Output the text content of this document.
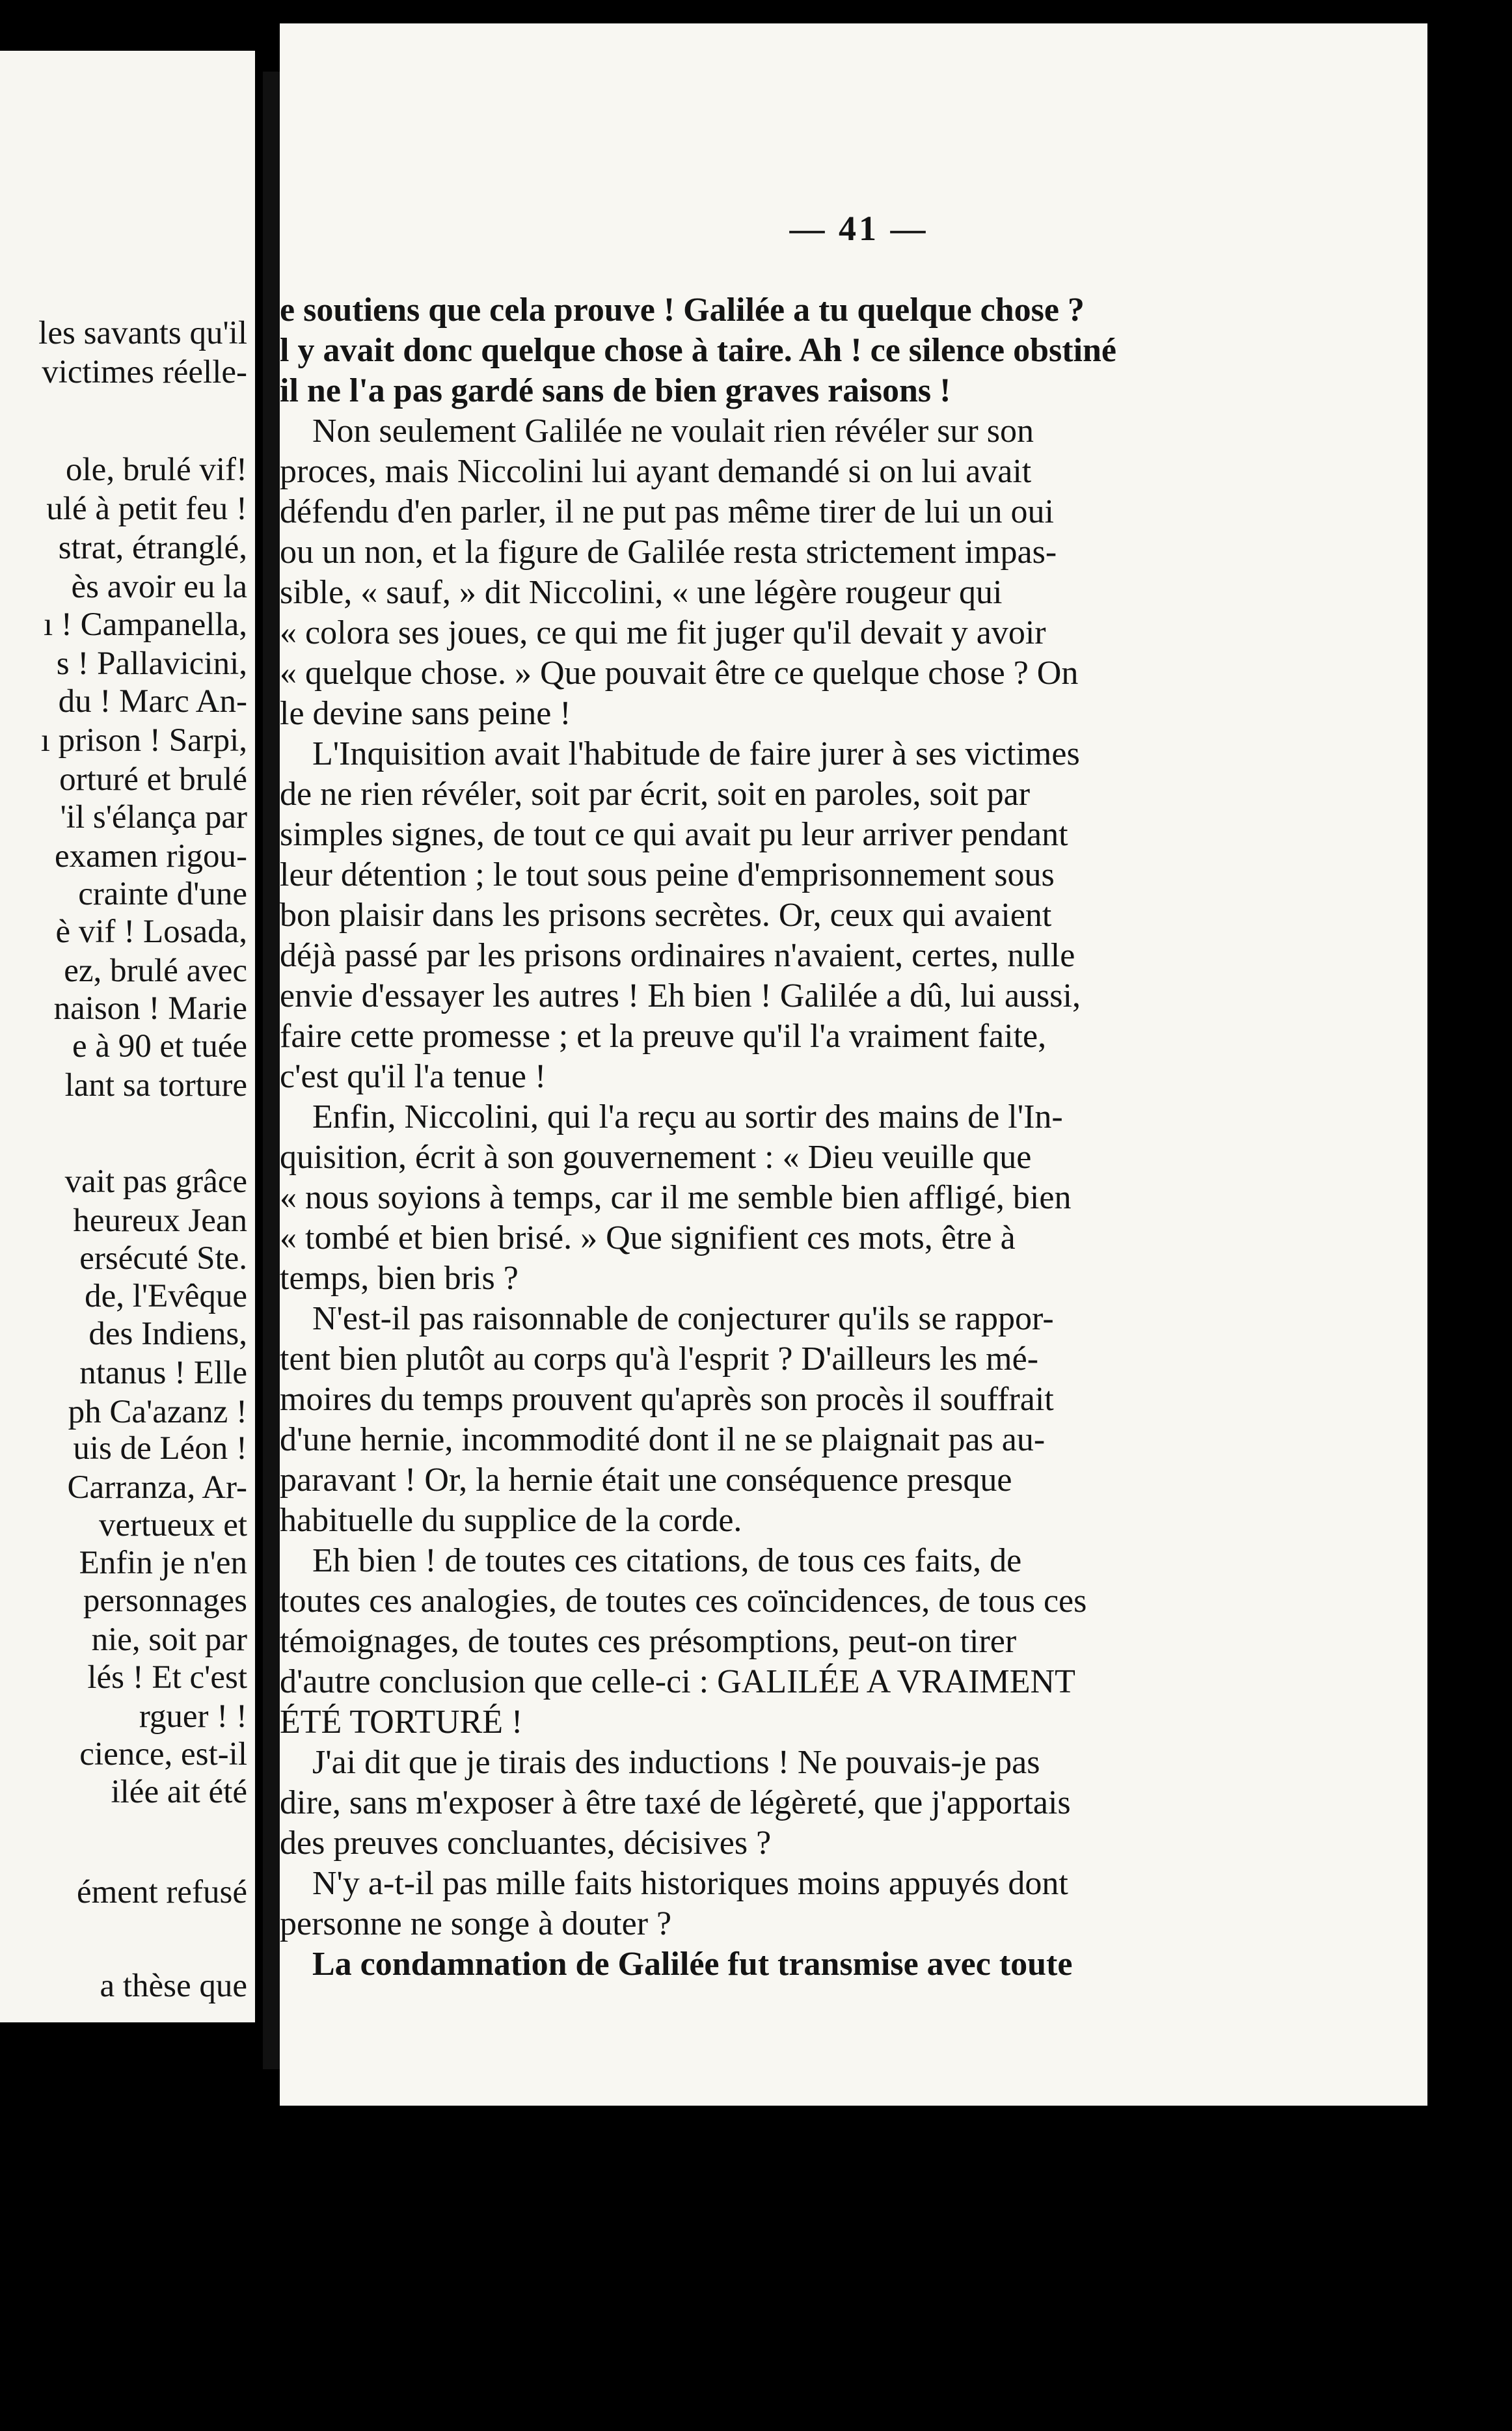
les savants qu'il
victimes réelle-
ole, brulé vif!
ulé à petit feu !
strat, étranglé,
ès avoir eu la
ı ! Campanella,
s ! Pallavicini,
du ! Marc An-
ı prison ! Sarpi,
orturé et brulé
'il s'élança par
examen rigou-
crainte d'une
è vif ! Losada,
ez, brulé avec
naison ! Marie
e à 90 et tuée
lant sa torture
vait pas grâce
heureux Jean
ersécuté Ste.
de, l'Evêque
des Indiens,
ntanus ! Elle
ph Ca'azanz !
uis de Léon !
Carranza, Ar-
vertueux et
Enfin je n'en
personnages
nie, soit par
lés ! Et c'est
rguer ! !
cience, est-il
ilée ait été
ément refusé
a thèse que
— 41 —
e soutiens que cela prouve ! Galilée a tu quelque chose ?
l y avait donc quelque chose à taire. Ah ! ce silence obstiné
il ne l'a pas gardé sans de bien graves raisons !
Non seulement Galilée ne voulait rien révéler sur son
proces, mais Niccolini lui ayant demandé si on lui avait
défendu d'en parler, il ne put pas même tirer de lui un oui
ou un non, et la figure de Galilée resta strictement impas-
sible, « sauf, » dit Niccolini, « une légère rougeur qui
« colora ses joues, ce qui me fit juger qu'il devait y avoir
« quelque chose. » Que pouvait être ce quelque chose ? On
le devine sans peine !
L'Inquisition avait l'habitude de faire jurer à ses victimes
de ne rien révéler, soit par écrit, soit en paroles, soit par
simples signes, de tout ce qui avait pu leur arriver pendant
leur détention ; le tout sous peine d'emprisonnement sous
bon plaisir dans les prisons secrètes. Or, ceux qui avaient
déjà passé par les prisons ordinaires n'avaient, certes, nulle
envie d'essayer les autres ! Eh bien ! Galilée a dû, lui aussi,
faire cette promesse ; et la preuve qu'il l'a vraiment faite,
c'est qu'il l'a tenue !
Enfin, Niccolini, qui l'a reçu au sortir des mains de l'In-
quisition, écrit à son gouvernement : « Dieu veuille que
« nous soyions à temps, car il me semble bien affligé, bien
« tombé et bien brisé. » Que signifient ces mots, être à
temps, bien bris ?
N'est-il pas raisonnable de conjecturer qu'ils se rappor-
tent bien plutôt au corps qu'à l'esprit ? D'ailleurs les mé-
moires du temps prouvent qu'après son procès il souffrait
d'une hernie, incommodité dont il ne se plaignait pas au-
paravant ! Or, la hernie était une conséquence presque
habituelle du supplice de la corde.
Eh bien ! de toutes ces citations, de tous ces faits, de
toutes ces analogies, de toutes ces coïncidences, de tous ces
témoignages, de toutes ces présomptions, peut-on tirer
d'autre conclusion que celle-ci : GALILÉE A VRAIMENT
ÉTÉ TORTURÉ !
J'ai dit que je tirais des inductions ! Ne pouvais-je pas
dire, sans m'exposer à être taxé de légèreté, que j'apportais
des preuves concluantes, décisives ?
N'y a-t-il pas mille faits historiques moins appuyés dont
personne ne songe à douter ?
La condamnation de Galilée fut transmise avec toute
